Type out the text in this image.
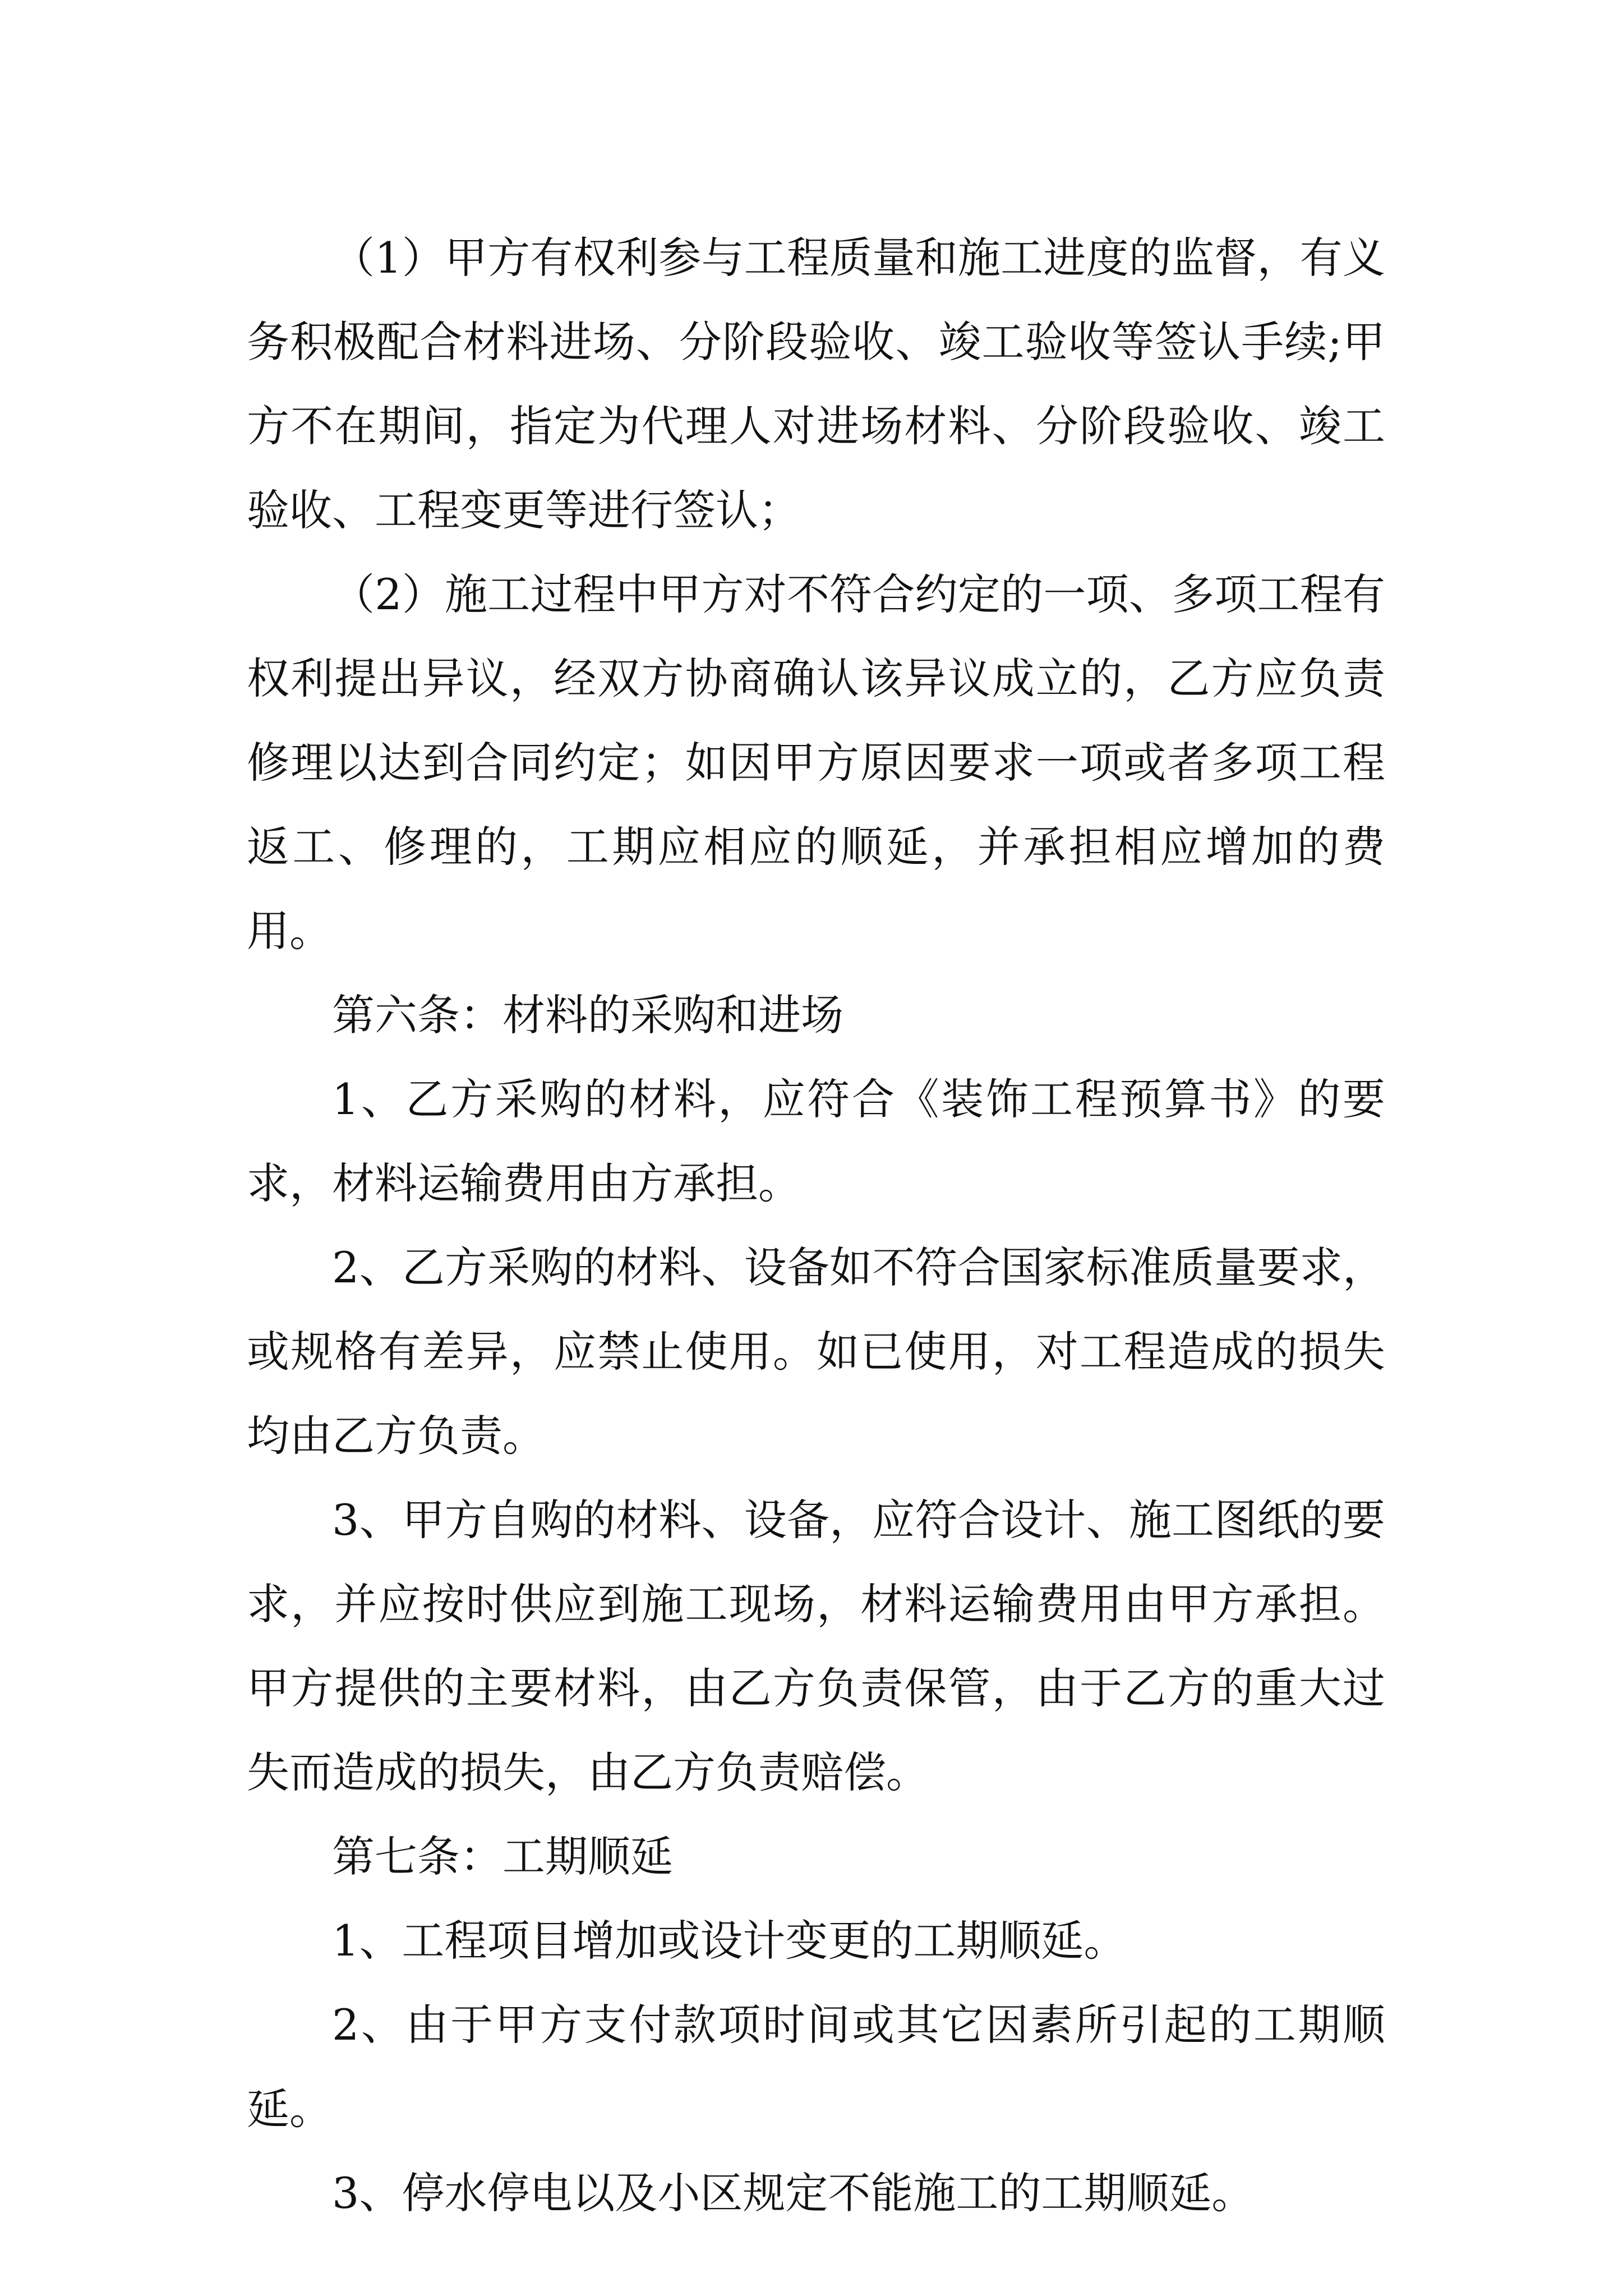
（1）甲方有权利参与工程质量和施工进度的监督，有义务积极配合材料进场、分阶段验收、竣工验收等签认手续;甲方不在期间，指定为代理人对进场材料、分阶段验收、竣工验收、工程变更等进行签认；

（2）施工过程中甲方对不符合约定的一项、多项工程有权利提出异议，经双方协商确认该异议成立的，乙方应负责修理以达到合同约定；如因甲方原因要求一项或者多项工程返工、修理的，工期应相应的顺延，并承担相应增加的费用。

第六条：材料的采购和进场

1、乙方采购的材料，应符合《装饰工程预算书》的要求，材料运输费用由方承担。

2、乙方采购的材料、设备如不符合国家标准质量要求，或规格有差异，应禁止使用。如已使用，对工程造成的损失均由乙方负责。

3、甲方自购的材料、设备，应符合设计、施工图纸的要求，并应按时供应到施工现场，材料运输费用由甲方承担。甲方提供的主要材料，由乙方负责保管，由于乙方的重大过失而造成的损失，由乙方负责赔偿。

第七条：工期顺延

1、工程项目增加或设计变更的工期顺延。

2、由于甲方支付款项时间或其它因素所引起的工期顺延。

3、停水停电以及小区规定不能施工的工期顺延。
